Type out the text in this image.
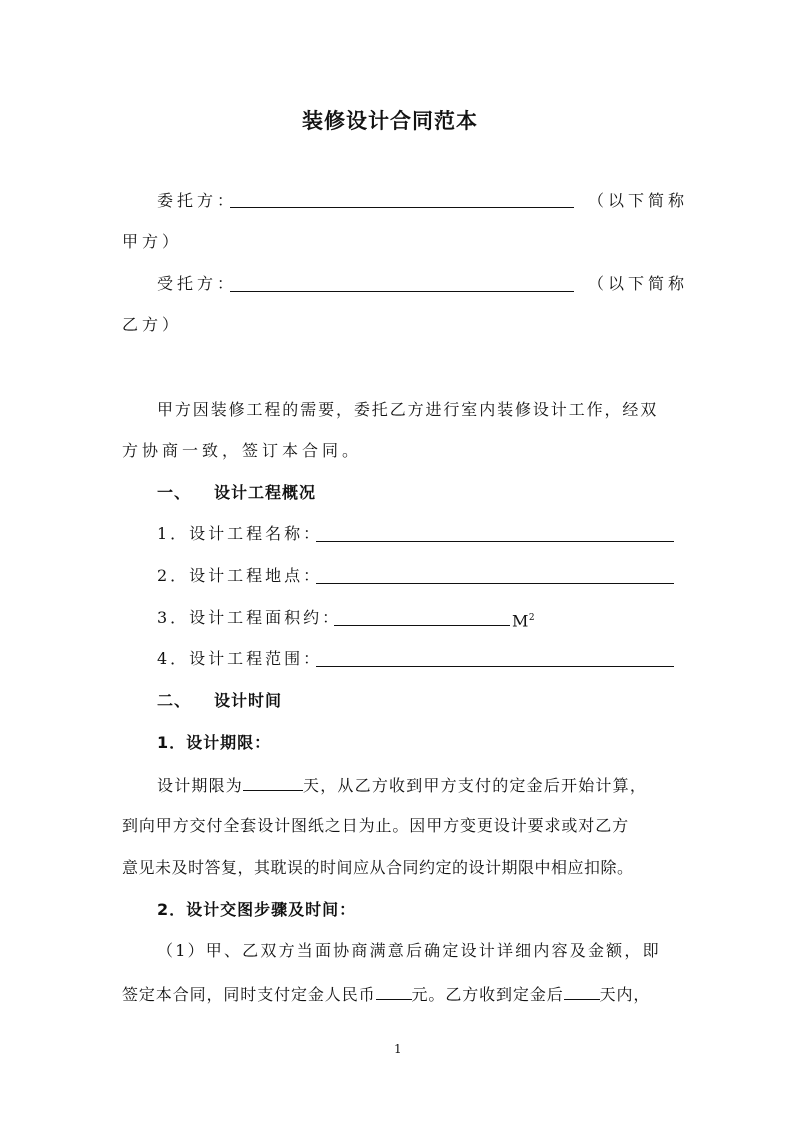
装修设计合同范本
委托方：	（以下简称
甲方）
受托方：	（以下简称
乙方）
甲方因装修工程的需要，委托乙方进行室内装修设计工作，经双
方协商一致，签订本合同。
一、 设计工程概况
1．设计工程名称：
2．设计工程地点：
3．设计工程面积约：	$M^2$
4．设计工程范围：
二、 设计时间
1．设计期限：
设计期限为	天，从乙方收到甲方支付的定金后开始计算，
到向甲方交付全套设计图纸之日为止。因甲方变更设计要求或对乙方
意见未及时答复，其耽误的时间应从合同约定的设计期限中相应扣除。
2．设计交图步骤及时间：
（1）甲、乙双方当面协商满意后确定设计详细内容及金额，即
签定本合同，同时支付定金人民币 元。乙方收到定金后 天内，
1
